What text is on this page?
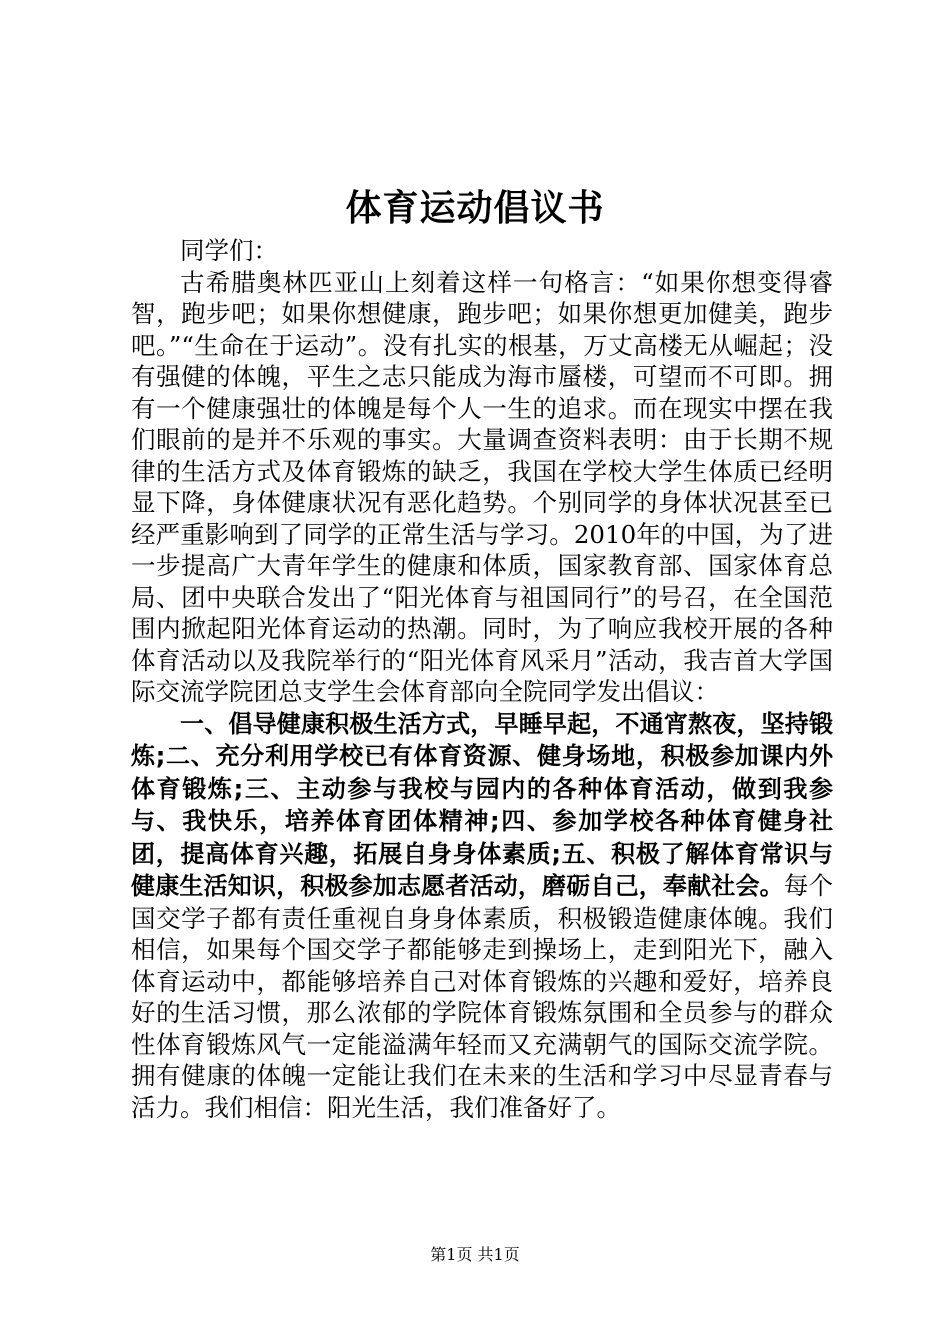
体育运动倡议书

同学们：

古希腊奥林匹亚山上刻着这样一句格言：“如果你想变得睿智，跑步吧；如果你想健康，跑步吧；如果你想更加健美，跑步吧。”“生命在于运动”。没有扎实的根基，万丈高楼无从崛起；没有强健的体魄，平生之志只能成为海市蜃楼，可望而不可即。拥有一个健康强壮的体魄是每个人一生的追求。而在现实中摆在我们眼前的是并不乐观的事实。大量调查资料表明：由于长期不规律的生活方式及体育锻炼的缺乏，我国在学校大学生体质已经明显下降，身体健康状况有恶化趋势。个别同学的身体状况甚至已经严重影响到了同学的正常生活与学习。2010年的中国，为了进一步提高广大青年学生的健康和体质，国家教育部、国家体育总局、团中央联合发出了“阳光体育与祖国同行”的号召，在全国范围内掀起阳光体育运动的热潮。同时，为了响应我校开展的各种体育活动以及我院举行的“阳光体育风采月”活动，我吉首大学国际交流学院团总支学生会体育部向全院同学发出倡议：

一、倡导健康积极生活方式，早睡早起，不通宵熬夜，坚持锻炼;二、充分利用学校已有体育资源、健身场地，积极参加课内外体育锻炼;三、主动参与我校与园内的各种体育活动，做到我参与、我快乐，培养体育团体精神;四、参加学校各种体育健身社团，提高体育兴趣，拓展自身身体素质;五、积极了解体育常识与健康生活知识，积极参加志愿者活动，磨砺自己，奉献社会。每个国交学子都有责任重视自身身体素质，积极锻造健康体魄。我们相信，如果每个国交学子都能够走到操场上，走到阳光下，融入体育运动中，都能够培养自己对体育锻炼的兴趣和爱好，培养良好的生活习惯，那么浓郁的学院体育锻炼氛围和全员参与的群众性体育锻炼风气一定能溢满年轻而又充满朝气的国际交流学院。拥有健康的体魄一定能让我们在未来的生活和学习中尽显青春与活力。我们相信：阳光生活，我们准备好了。

第1页 共1页
